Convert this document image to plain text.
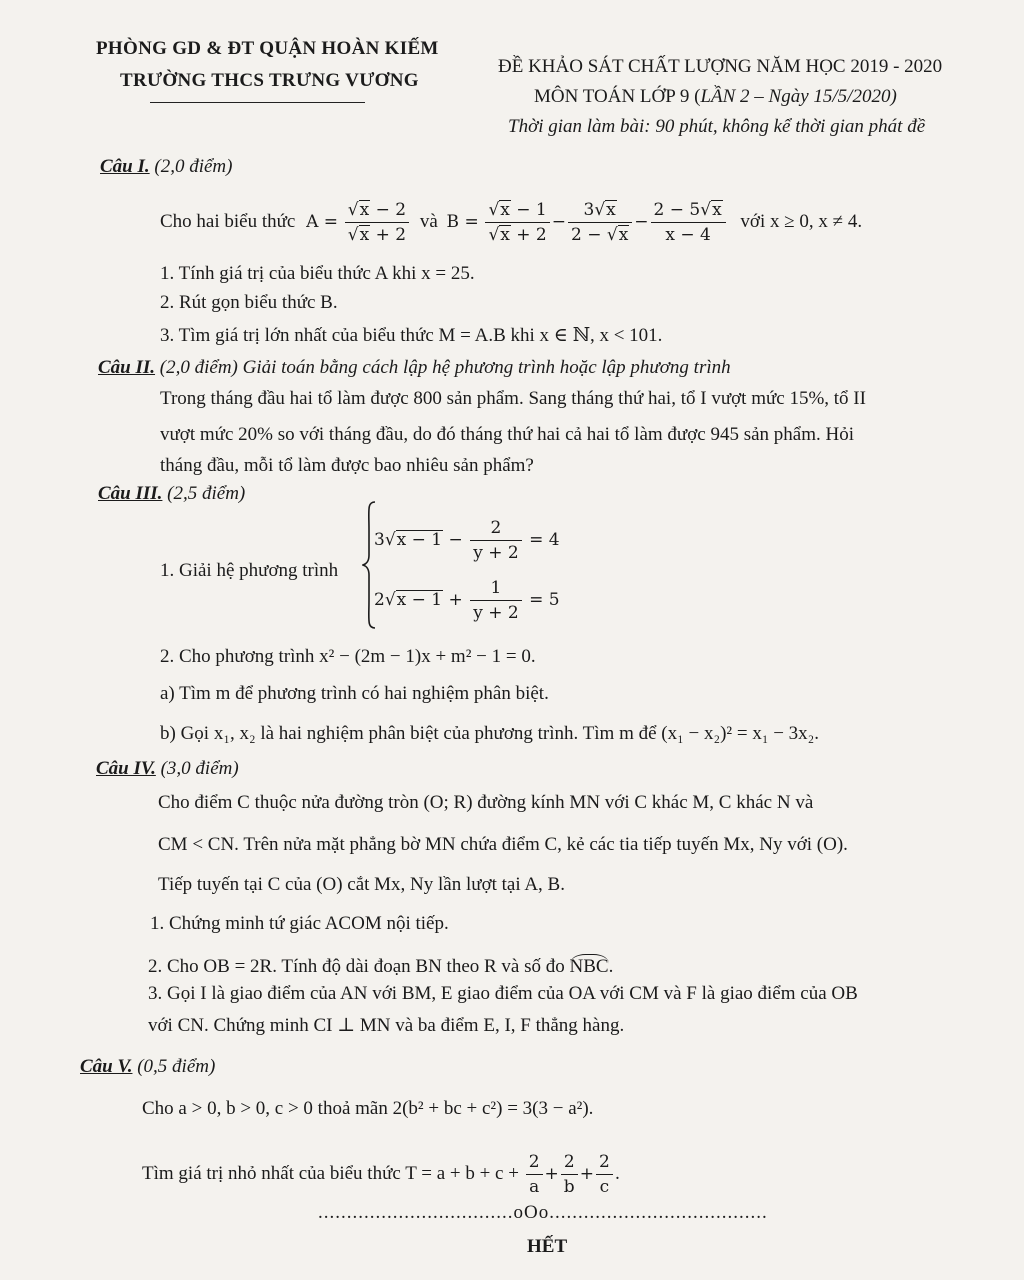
PHÒNG GD & ĐT QUẬN HOÀN KIẾM
TRƯỜNG THCS TRƯNG VƯƠNG
ĐỀ KHẢO SÁT CHẤT LƯỢNG NĂM HỌC 2019 - 2020
MÔN TOÁN LỚP 9 (LẦN 2 – Ngày 15/5/2020)
Thời gian làm bài: 90 phút, không kể thời gian phát đề
Câu I. (2,0 điểm)
Cho hai biểu thức $A = \frac{√x - 2}{√x + 2}$ và $B = \frac{√x - 1}{√x + 2} - \frac{3√x}{2 - √x} - \frac{2 - 5√x}{x - 4}$ với x ≥ 0, x ≠ 4.
1. Tính giá trị của biểu thức A khi x = 25.
2. Rút gọn biểu thức B.
3. Tìm giá trị lớn nhất của biểu thức M = A.B khi x ∈ ℕ, x < 101.
Câu II. (2,0 điểm) Giải toán bằng cách lập hệ phương trình hoặc lập phương trình
Trong tháng đầu hai tổ làm được 800 sản phẩm. Sang tháng thứ hai, tổ I vượt mức 15%, tổ II
vượt mức 20% so với tháng đầu, do đó tháng thứ hai cả hai tổ làm được 945 sản phẩm. Hỏi
tháng đầu, mỗi tổ làm được bao nhiêu sản phẩm?
Câu III. (2,5 điểm)
1. Giải hệ phương trình
$3√x - 1 - \frac{2}{y + 2} = 4$
$2√x - 1 + \frac{1}{y + 2} = 5$
2. Cho phương trình x² − (2m − 1)x + m² − 1 = 0.
a) Tìm m để phương trình có hai nghiệm phân biệt.
b) Gọi x₁, x₂ là hai nghiệm phân biệt của phương trình. Tìm m để (x₁ − x₂)² = x₁ − 3x₂.
Câu IV. (3,0 điểm)
Cho điểm C thuộc nửa đường tròn (O; R) đường kính MN với C khác M, C khác N và
CM < CN. Trên nửa mặt phẳng bờ MN chứa điểm C, kẻ các tia tiếp tuyến Mx, Ny với (O).
Tiếp tuyến tại C của (O) cắt Mx, Ny lần lượt tại A, B.
1. Chứng minh tứ giác ACOM nội tiếp.
2. Cho OB = 2R. Tính độ dài đoạn BN theo R và số đo NBC.
3. Gọi I là giao điểm của AN với BM, E giao điểm của OA với CM và F là giao điểm của OB
với CN. Chứng minh CI ⊥ MN và ba điểm E, I, F thẳng hàng.
Câu V. (0,5 điểm)
Cho a > 0, b > 0, c > 0 thoả mãn 2(b² + bc + c²) = 3(3 − a²).
Tìm giá trị nhỏ nhất của biểu thức $T = a + b + c + \frac{2}{a} + \frac{2}{b} + \frac{2}{c}$ .
..................................oOo......................................
HẾT
